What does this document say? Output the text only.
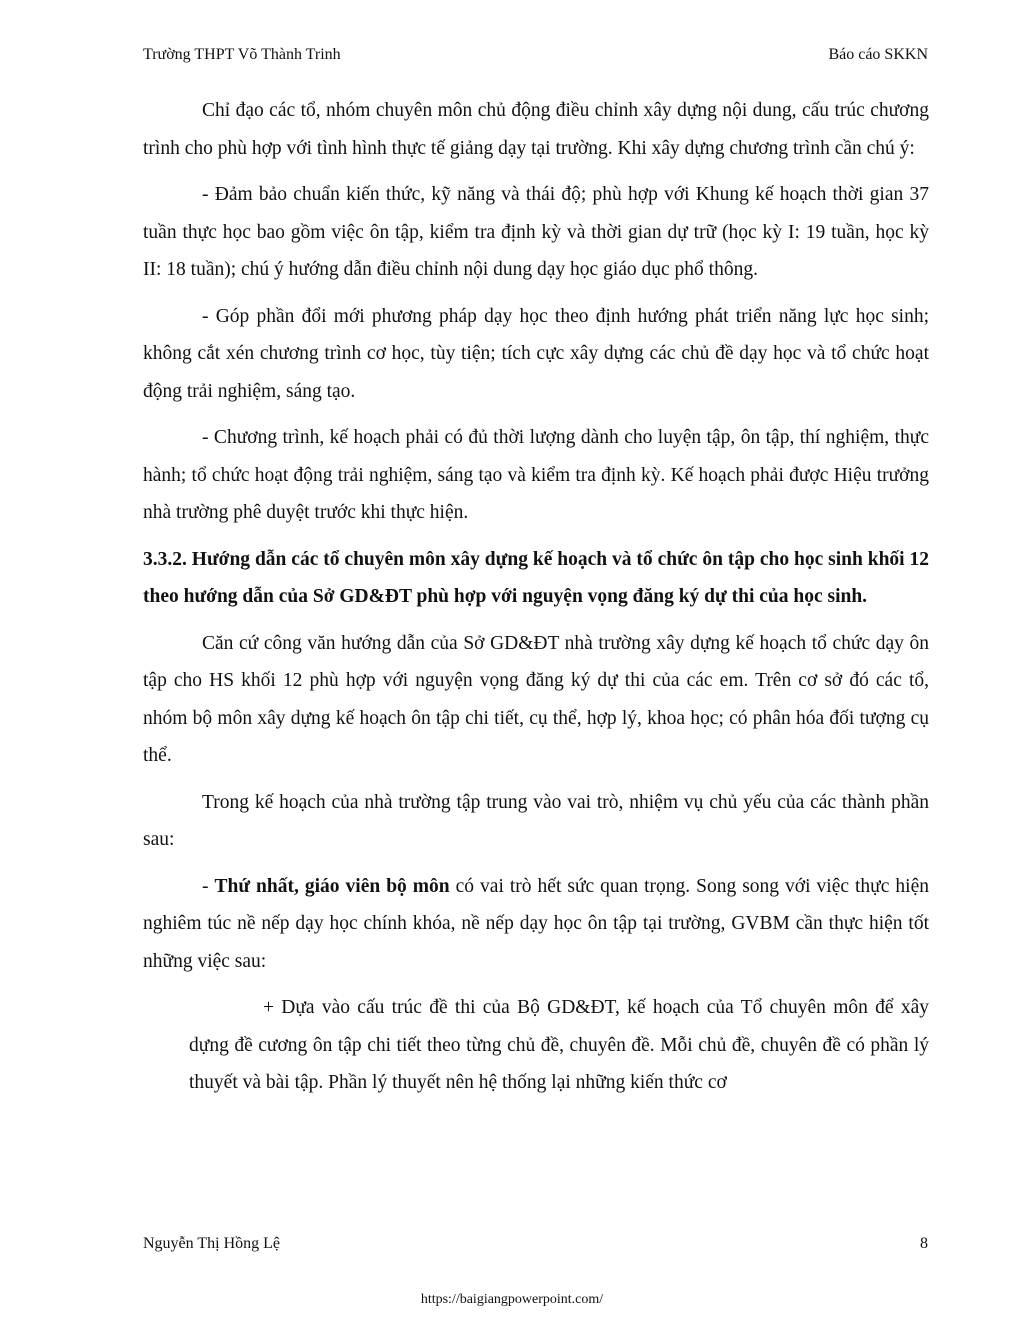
Trường THPT Võ Thành Trinh	Báo cáo SKKN

Chỉ đạo các tổ, nhóm chuyên môn chủ động điều chỉnh xây dựng nội dung, cấu trúc chương trình cho phù hợp với tình hình thực tế giảng dạy tại trường. Khi xây dựng chương trình cần chú ý:

- Đảm bảo chuẩn kiến thức, kỹ năng và thái độ; phù hợp với Khung kế hoạch thời gian 37 tuần thực học bao gồm việc ôn tập, kiểm tra định kỳ và thời gian dự trữ (học kỳ I: 19 tuần, học kỳ II: 18 tuần); chú ý hướng dẫn điều chỉnh nội dung dạy học giáo dục phổ thông.

- Góp phần đổi mới phương pháp dạy học theo định hướng phát triển năng lực học sinh; không cắt xén chương trình cơ học, tùy tiện; tích cực xây dựng các chủ đề dạy học và tổ chức hoạt động trải nghiệm, sáng tạo.

- Chương trình, kế hoạch phải có đủ thời lượng dành cho luyện tập, ôn tập, thí nghiệm, thực hành; tổ chức hoạt động trải nghiệm, sáng tạo và kiểm tra định kỳ. Kế hoạch phải được Hiệu trưởng nhà trường phê duyệt trước khi thực hiện.

3.3.2. Hướng dẫn các tổ chuyên môn xây dựng kế hoạch và tổ chức ôn tập cho học sinh khối 12 theo hướng dẫn của Sở GD&ĐT phù hợp với nguyện vọng đăng ký dự thi của học sinh.

Căn cứ công văn hướng dẫn của Sở GD&ĐT nhà trường xây dựng kế hoạch tổ chức dạy ôn tập cho HS khối 12 phù hợp với nguyện vọng đăng ký dự thi của các em. Trên cơ sở đó các tổ, nhóm bộ môn xây dựng kế hoạch ôn tập chi tiết, cụ thể, hợp lý, khoa học; có phân hóa đối tượng cụ thể.

Trong kế hoạch của nhà trường tập trung vào vai trò, nhiệm vụ chủ yếu của các thành phần sau:

- Thứ nhất, giáo viên bộ môn có vai trò hết sức quan trọng. Song song với việc thực hiện nghiêm túc nề nếp dạy học chính khóa, nề nếp dạy học ôn tập tại trường, GVBM cần thực hiện tốt những việc sau:

+ Dựa vào cấu trúc đề thi của Bộ GD&ĐT, kế hoạch của Tổ chuyên môn để xây dựng đề cương ôn tập chi tiết theo từng chủ đề, chuyên đề. Mỗi chủ đề, chuyên đề có phần lý thuyết và bài tập. Phần lý thuyết nên hệ thống lại những kiến thức cơ

Nguyễn Thị Hồng Lệ	8
https://baigiangpowerpoint.com/
